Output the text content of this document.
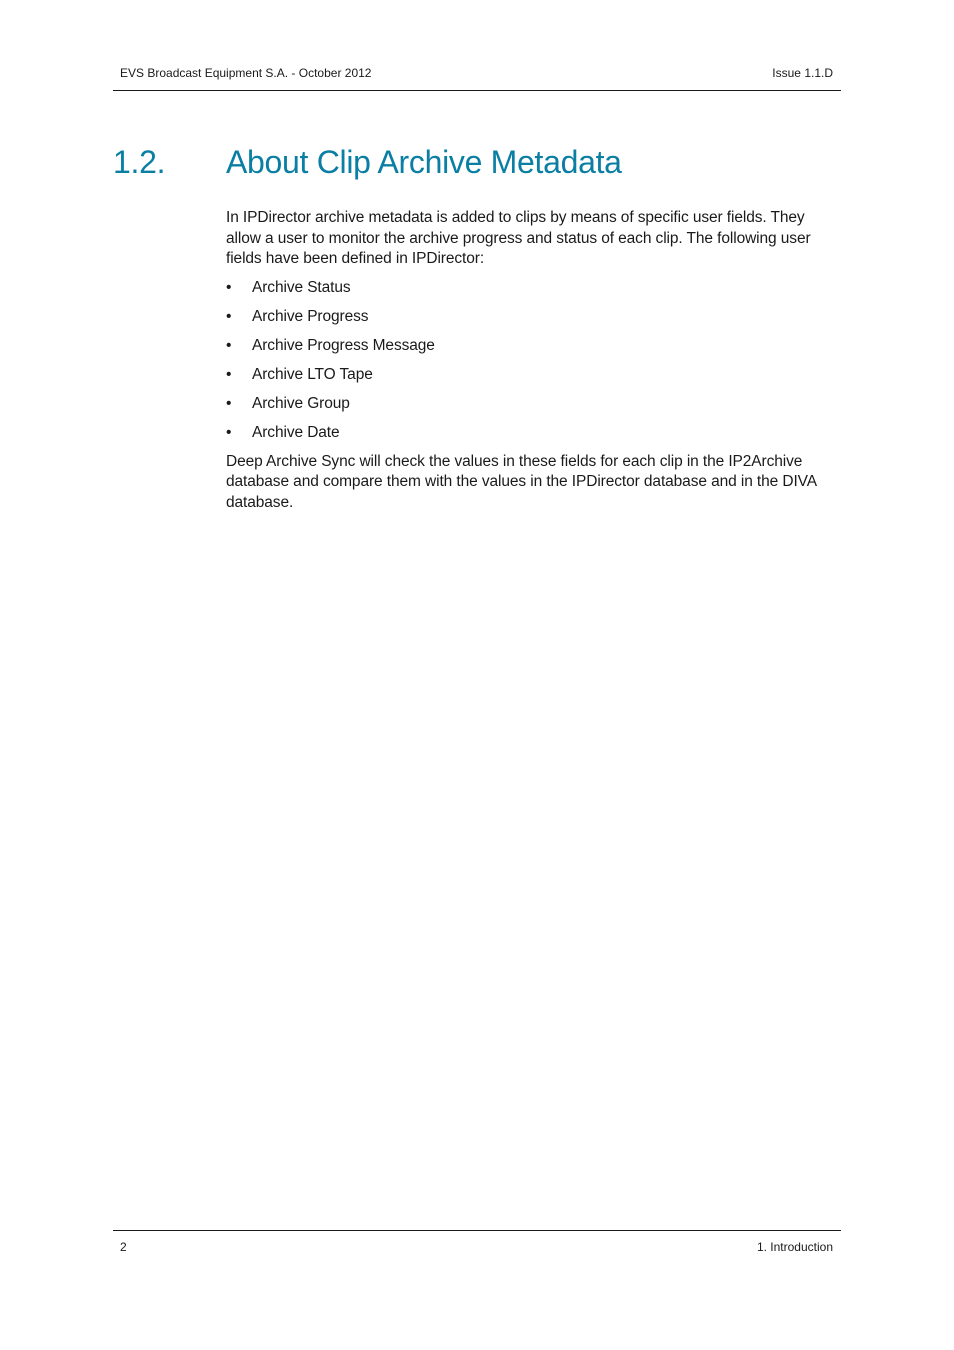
EVS Broadcast Equipment S.A. - October 2012	Issue 1.1.D
1.2. About Clip Archive Metadata

In IPDirector archive metadata is added to clips by means of specific user fields. They allow a user to monitor the archive progress and status of each clip. The following user fields have been defined in IPDirector:

• Archive Status
• Archive Progress
• Archive Progress Message
• Archive LTO Tape
• Archive Group
• Archive Date

Deep Archive Sync will check the values in these fields for each clip in the IP2Archive database and compare them with the values in the IPDirector database and in the DIVA database.

2	1. Introduction
